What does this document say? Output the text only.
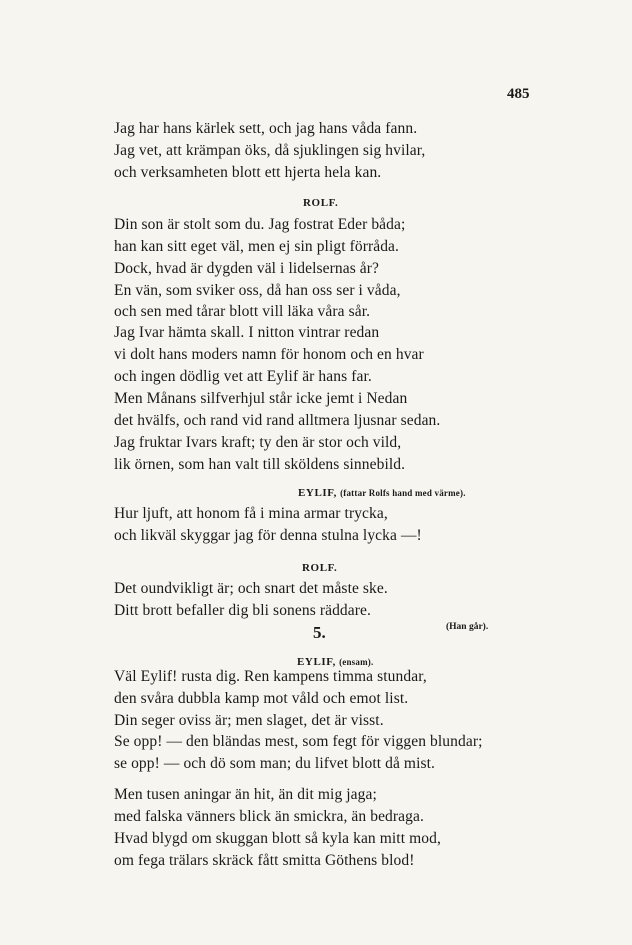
485
Jag har hans kärlek sett, och jag hans våda fann.
Jag vet, att krämpan öks, då sjuklingen sig hvilar,
och verksamheten blott ett hjerta hela kan.
ROLF.
Din son är stolt som du. Jag fostrat Eder båda;
han kan sitt eget väl, men ej sin pligt förråda.
Dock, hvad är dygden väl i lidelsernas år?
En vän, som sviker oss, då han oss ser i våda,
och sen med tårar blott vill läka våra sår.
Jag Ivar hämta skall. I nitton vintrar redan
vi dolt hans moders namn för honom och en hvar
och ingen dödlig vet att Eylif är hans far.
Men Månans silfverhjul står icke jemt i Nedan
det hvälfs, och rand vid rand alltmera ljusnar sedan.
Jag fruktar Ivars kraft; ty den är stor och vild,
lik örnen, som han valt till sköldens sinnebild.
EYLIF, (fattar Rolfs hand med värme).
Hur ljuft, att honom få i mina armar trycka,
och likväl skyggar jag för denna stulna lycka —!
ROLF.
Det oundvikligt är; och snart det måste ske.
Ditt brott befaller dig bli sonens räddare.
(Han går).
5.
EYLIF, (ensam).
Väl Eylif! rusta dig. Ren kampens timma stundar,
den svåra dubbla kamp mot våld och emot list.
Din seger oviss är; men slaget, det är visst.
Se opp! — den bländas mest, som fegt för viggen blundar;
se opp! — och dö som man; du lifvet blott då mist.
Men tusen aningar än hit, än dit mig jaga;
med falska vänners blick än smickra, än bedraga.
Hvad blygd om skuggan blott så kyla kan mitt mod,
om fega trälars skräck fått smitta Göthens blod!
